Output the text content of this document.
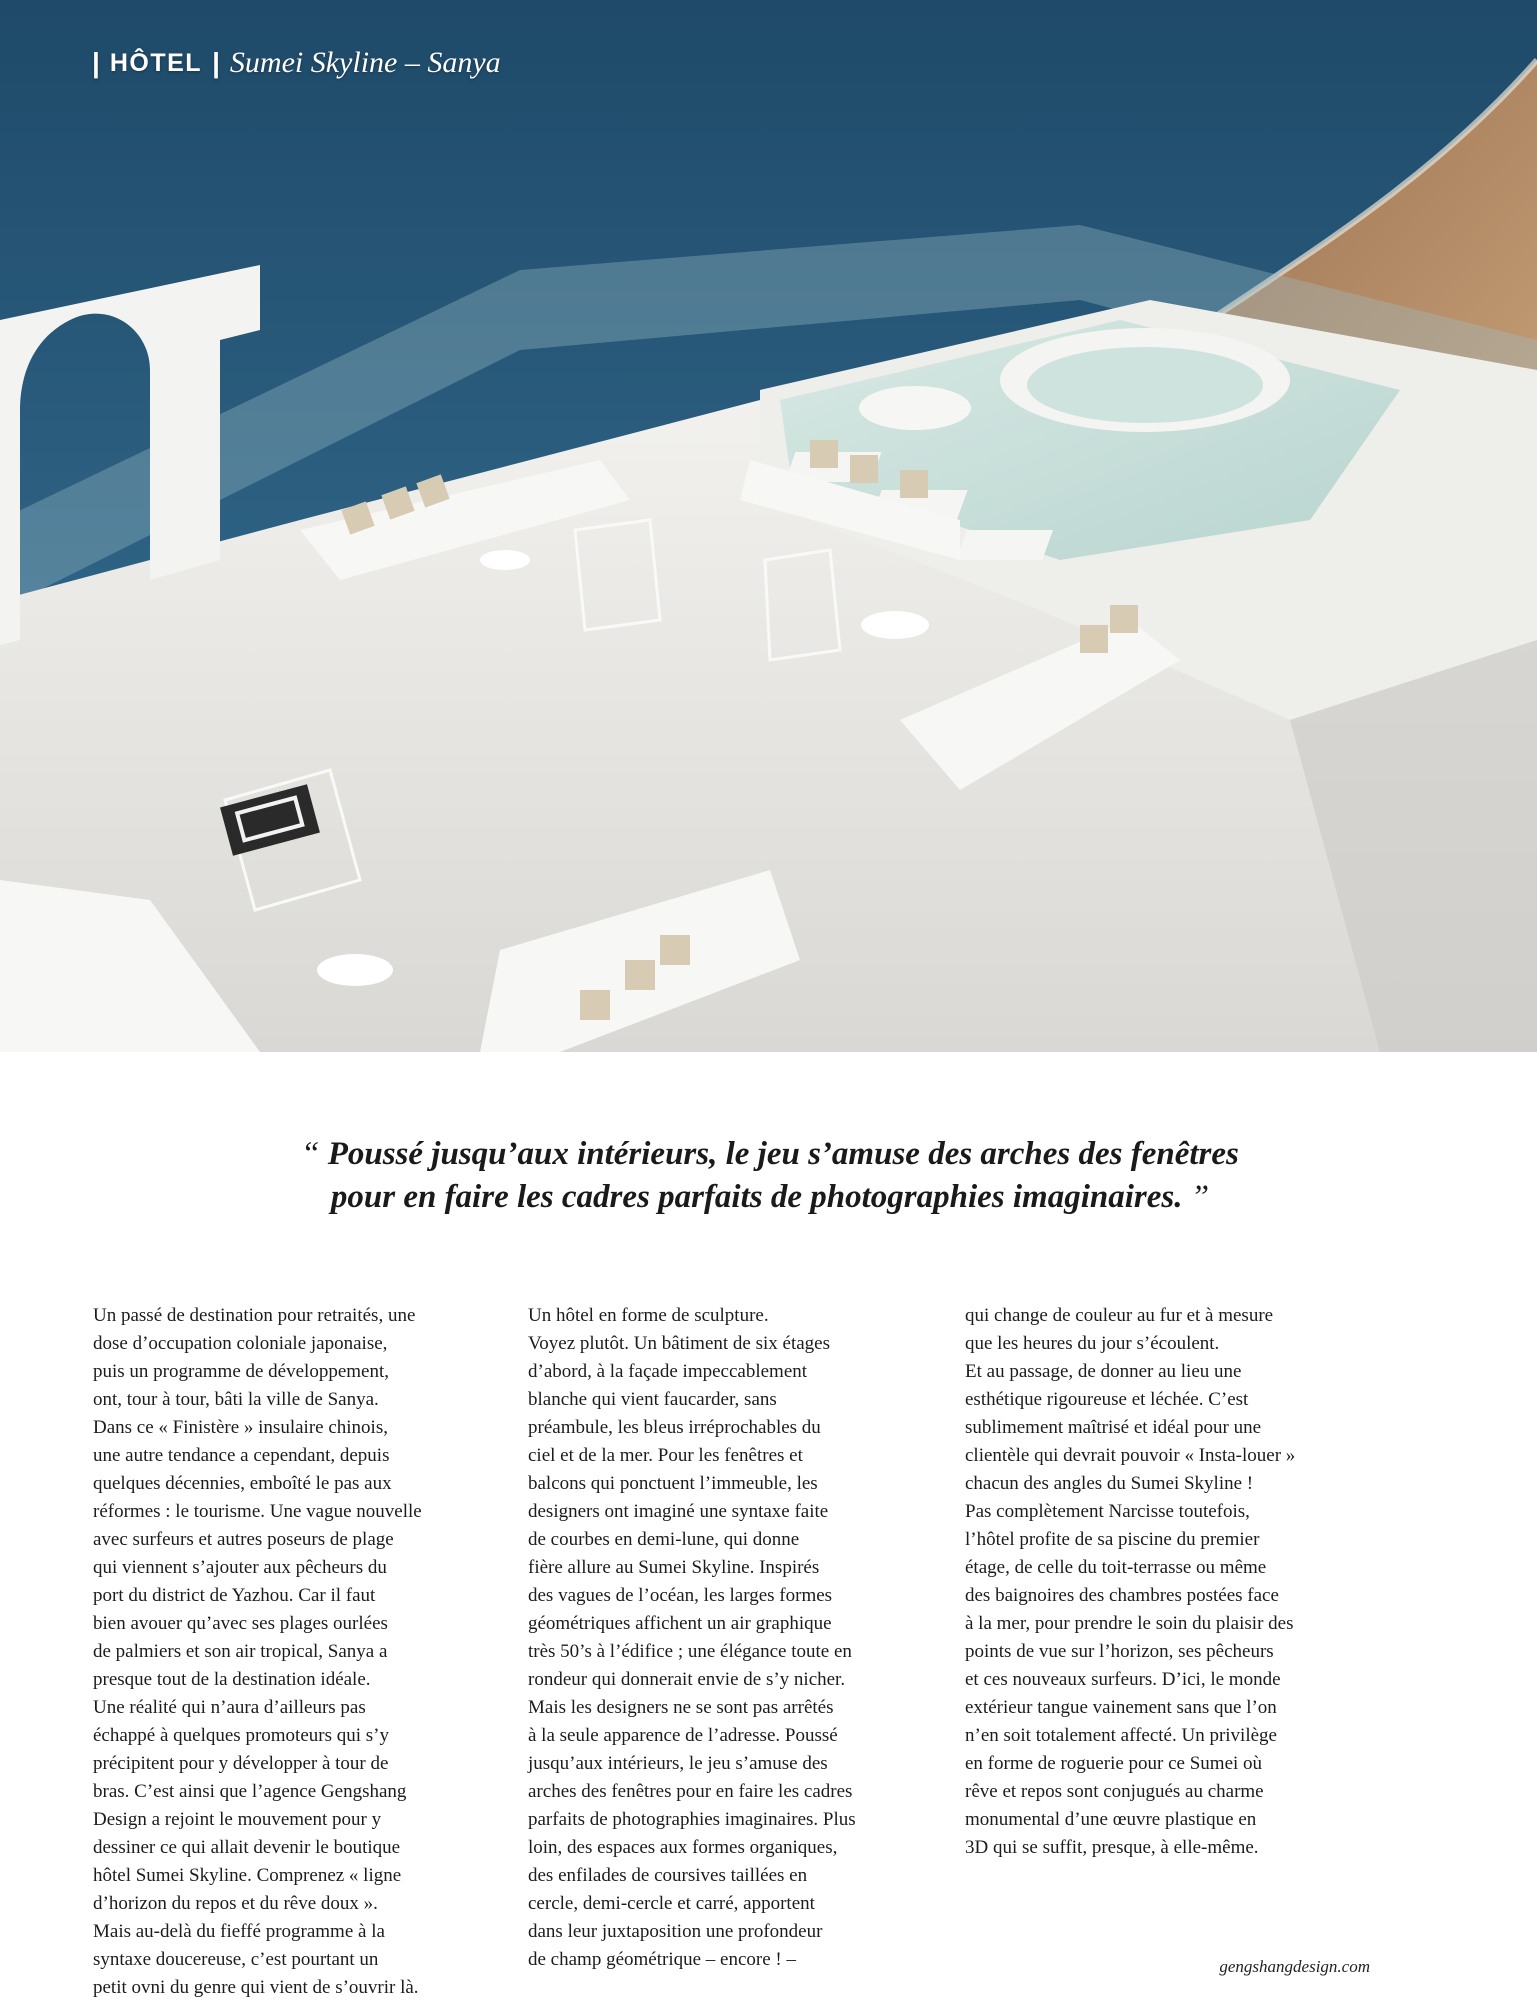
| HÔTEL | Sumei Skyline – Sanya
“ Poussé jusqu’aux intérieurs, le jeu s’amuse des arches des fenêtres
pour en faire les cadres parfaits de photographies imaginaires. ”
Un passé de destination pour retraités, une
dose d’occupation coloniale japonaise,
puis un programme de développement,
ont, tour à tour, bâti la ville de Sanya.
Dans ce « Finistère » insulaire chinois,
une autre tendance a cependant, depuis
quelques décennies, emboîté le pas aux
réformes : le tourisme. Une vague nouvelle
avec surfeurs et autres poseurs de plage
qui viennent s’ajouter aux pêcheurs du
port du district de Yazhou. Car il faut
bien avouer qu’avec ses plages ourlées
de palmiers et son air tropical, Sanya a
presque tout de la destination idéale.
Une réalité qui n’aura d’ailleurs pas
échappé à quelques promoteurs qui s’y
précipitent pour y développer à tour de
bras. C’est ainsi que l’agence Gengshang
Design a rejoint le mouvement pour y
dessiner ce qui allait devenir le boutique
hôtel Sumei Skyline. Comprenez « ligne
d’horizon du repos et du rêve doux ».
Mais au-delà du fieffé programme à la
syntaxe doucereuse, c’est pourtant un
petit ovni du genre qui vient de s’ouvrir là.
Un hôtel en forme de sculpture.
Voyez plutôt. Un bâtiment de six étages
d’abord, à la façade impeccablement
blanche qui vient faucarder, sans
préambule, les bleus irréprochables du
ciel et de la mer. Pour les fenêtres et
balcons qui ponctuent l’immeuble, les
designers ont imaginé une syntaxe faite
de courbes en demi-lune, qui donne
fière allure au Sumei Skyline. Inspirés
des vagues de l’océan, les larges formes
géométriques affichent un air graphique
très 50’s à l’édifice ; une élégance toute en
rondeur qui donnerait envie de s’y nicher.
Mais les designers ne se sont pas arrêtés
à la seule apparence de l’adresse. Poussé
jusqu’aux intérieurs, le jeu s’amuse des
arches des fenêtres pour en faire les cadres
parfaits de photographies imaginaires. Plus
loin, des espaces aux formes organiques,
des enfilades de coursives taillées en
cercle, demi-cercle et carré, apportent
dans leur juxtaposition une profondeur
de champ géométrique – encore ! –
qui change de couleur au fur et à mesure
que les heures du jour s’écoulent.
Et au passage, de donner au lieu une
esthétique rigoureuse et léchée. C’est
sublimement maîtrisé et idéal pour une
clientèle qui devrait pouvoir « Insta-louer »
chacun des angles du Sumei Skyline !
Pas complètement Narcisse toutefois,
l’hôtel profite de sa piscine du premier
étage, de celle du toit-terrasse ou même
des baignoires des chambres postées face
à la mer, pour prendre le soin du plaisir des
points de vue sur l’horizon, ses pêcheurs
et ces nouveaux surfeurs. D’ici, le monde
extérieur tangue vainement sans que l’on
n’en soit totalement affecté. Un privilège
en forme de roguerie pour ce Sumei où
rêve et repos sont conjugués au charme
monumental d’une œuvre plastique en
3D qui se suffit, presque, à elle-même.
gengshangdesign.com
